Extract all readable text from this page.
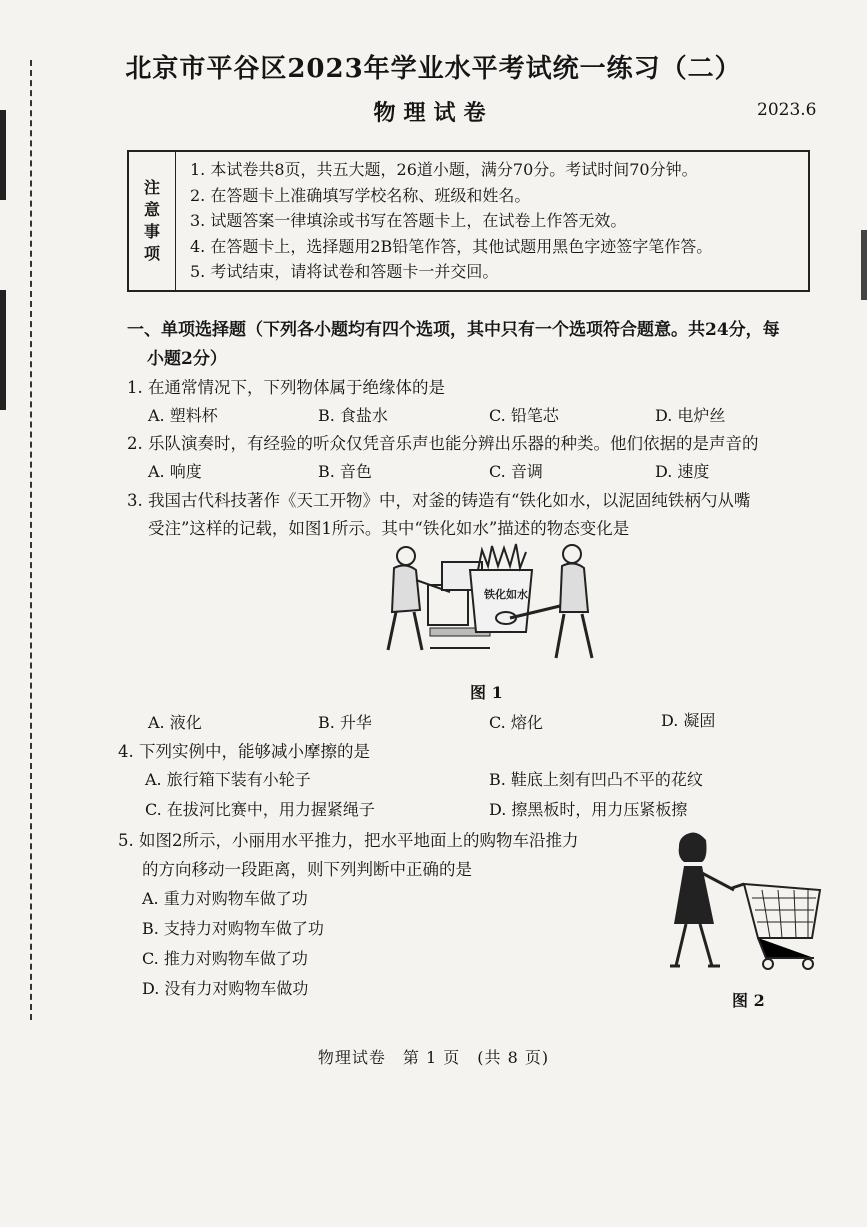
北京市平谷区2023年学业水平考试统一练习（二）
物理试卷	2023.6
注
意
事
项
1. 本试卷共8页，共五大题，26道小题，满分70分。考试时间70分钟。
2. 在答题卡上准确填写学校名称、班级和姓名。
3. 试题答案一律填涂或书写在答题卡上，在试卷上作答无效。
4. 在答题卡上，选择题用2B铅笔作答，其他试题用黑色字迹签字笔作答。
5. 考试结束，请将试卷和答题卡一并交回。
一、单项选择题（下列各小题均有四个选项，其中只有一个选项符合题意。共24分，每
小题2分）
1. 在通常情况下，下列物体属于绝缘体的是
A. 塑料杯	B. 食盐水	C. 铅笔芯	D. 电炉丝
2. 乐队演奏时，有经验的听众仅凭音乐声也能分辨出乐器的种类。他们依据的是声音的
A. 响度	B. 音色	C. 音调	D. 速度
3. 我国古代科技著作《天工开物》中，对釜的铸造有“铁化如水，以泥固纯铁柄勺从嘴
受注”这样的记载，如图1所示。其中“铁化如水”描述的物态变化是
铁化如水
图 1
A. 液化	B. 升华	C. 熔化	D. 凝固
4. 下列实例中，能够减小摩擦的是
A. 旅行箱下装有小轮子	B. 鞋底上刻有凹凸不平的花纹
C. 在拔河比赛中，用力握紧绳子	D. 擦黑板时，用力压紧板擦
5. 如图2所示，小丽用水平推力，把水平地面上的购物车沿推力
的方向移动一段距离，则下列判断中正确的是
A. 重力对购物车做了功
B. 支持力对购物车做了功
C. 推力对购物车做了功
D. 没有力对购物车做功
图 2
物理试卷　第 1 页　(共 8 页)
